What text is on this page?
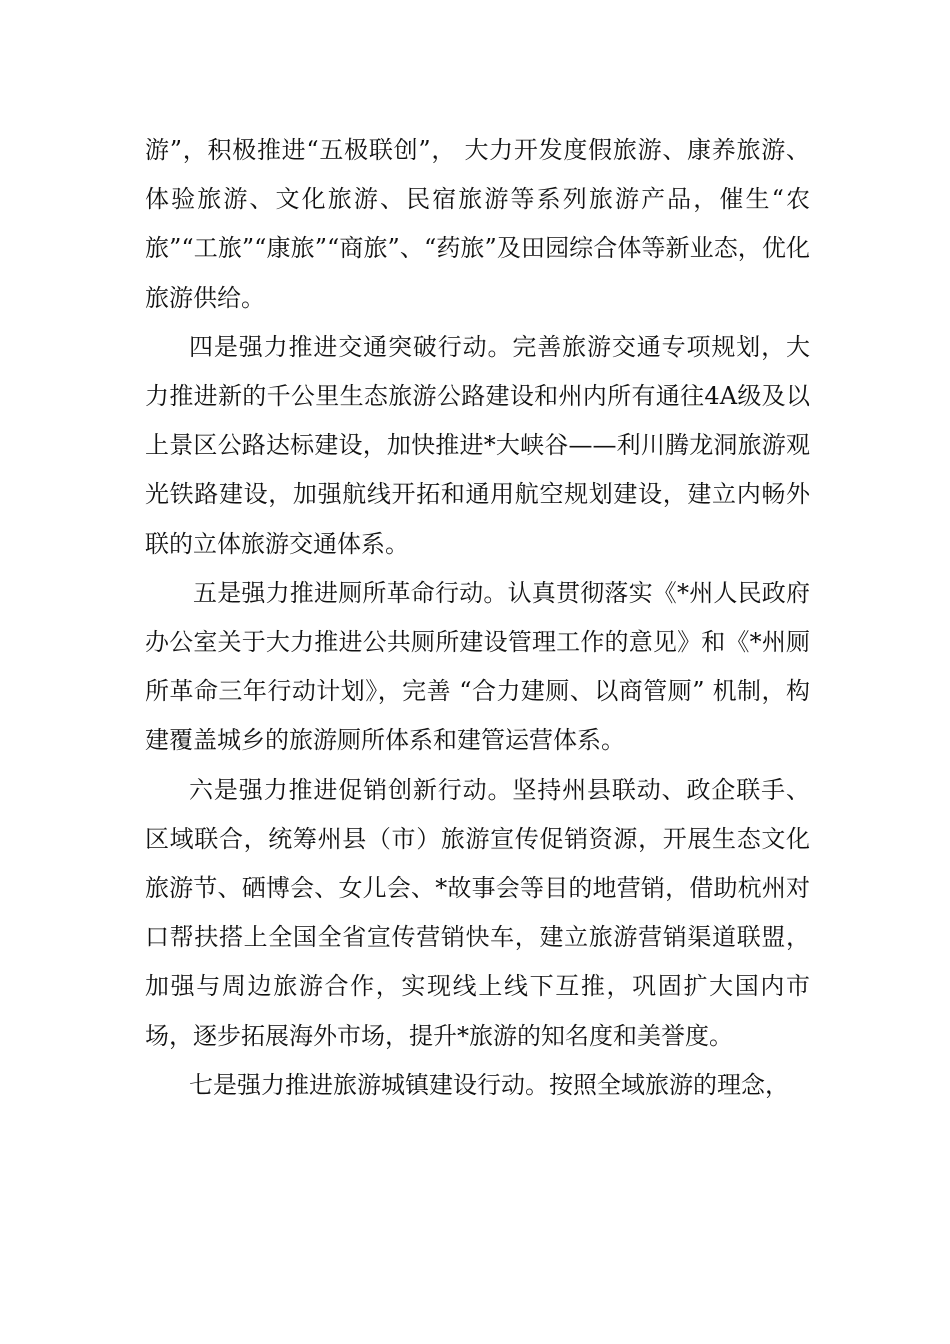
游”，积极推进“五极联创”， 大力开发度假旅游、康养旅游、体验旅游、文化旅游、民宿旅游等系列旅游产品，催生“农旅”“工旅”“康旅”“商旅”、“药旅”及田园综合体等新业态，优化旅游供给。

四是强力推进交通突破行动。完善旅游交通专项规划，大力推进新的千公里生态旅游公路建设和州内所有通往4A级及以上景区公路达标建设，加快推进*大峡谷——利川腾龙洞旅游观光铁路建设，加强航线开拓和通用航空规划建设，建立内畅外联的立体旅游交通体系。

五是强力推进厕所革命行动。认真贯彻落实《*州人民政府办公室关于大力推进公共厕所建设管理工作的意见》和《*州厕所革命三年行动计划》，完善 “合力建厕、以商管厕” 机制，构建覆盖城乡的旅游厕所体系和建管运营体系。

六是强力推进促销创新行动。坚持州县联动、政企联手、区域联合，统筹州县（市）旅游宣传促销资源，开展生态文化旅游节、硒博会、女儿会、*故事会等目的地营销，借助杭州对口帮扶搭上全国全省宣传营销快车，建立旅游营销渠道联盟，加强与周边旅游合作，实现线上线下互推，巩固扩大国内市场，逐步拓展海外市场，提升*旅游的知名度和美誉度。

七是强力推进旅游城镇建设行动。按照全域旅游的理念，
